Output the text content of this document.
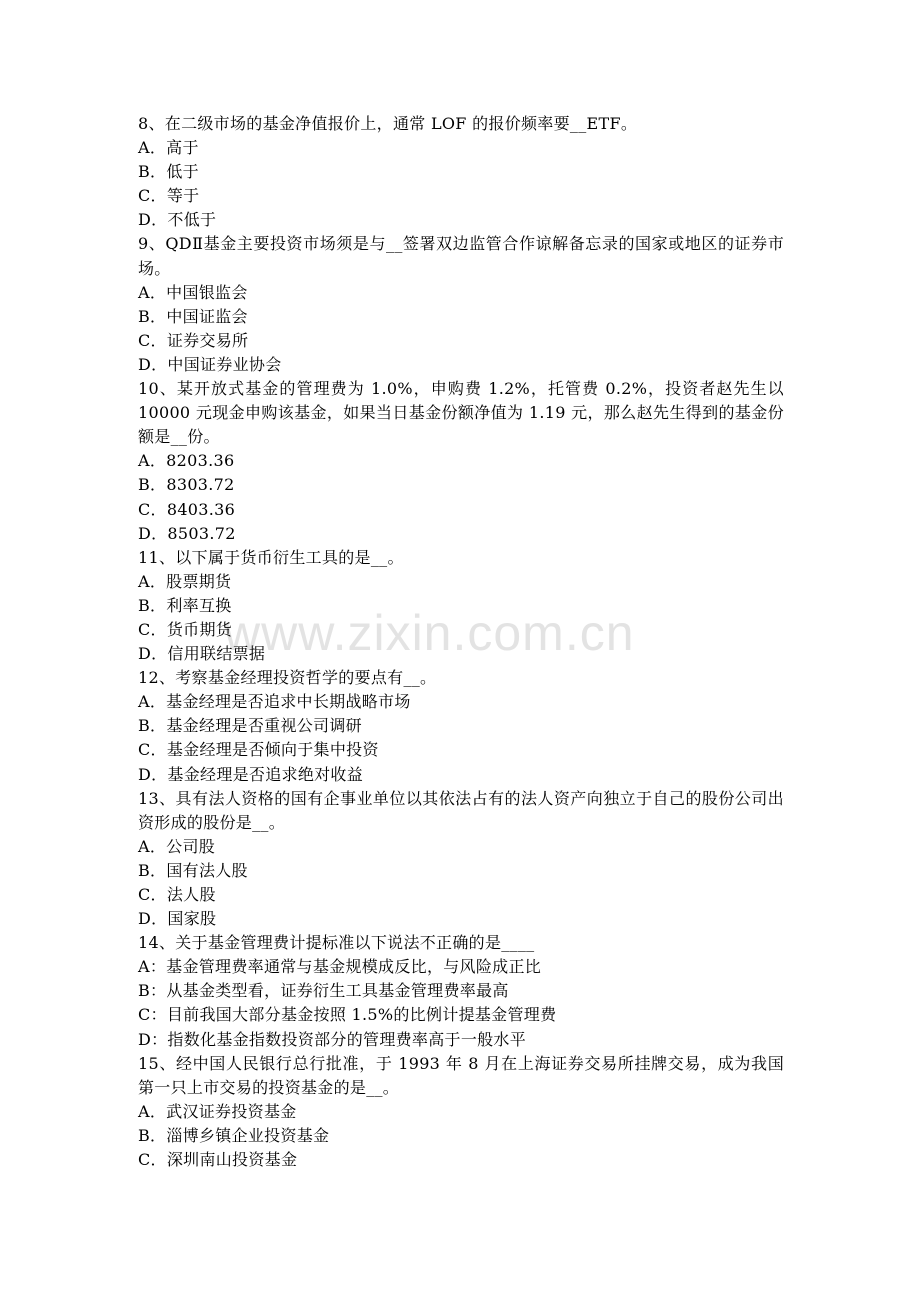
www.zixin.com.cn
8、在二级市场的基金净值报价上，通常 LOF 的报价频率要__ETF。
A．高于
B．低于
C．等于
D．不低于
9、QDⅡ基金主要投资市场须是与__签署双边监管合作谅解备忘录的国家或地区的证券市场。
A．中国银监会
B．中国证监会
C．证券交易所
D．中国证券业协会
10、某开放式基金的管理费为 1.0%，申购费 1.2%，托管费 0.2%，投资者赵先生以 10000 元现金申购该基金，如果当日基金份额净值为 1.19 元，那么赵先生得到的基金份额是__份。
A．8203.36
B．8303.72
C．8403.36
D．8503.72
11、以下属于货币衍生工具的是__。
A．股票期货
B．利率互换
C．货币期货
D．信用联结票据
12、考察基金经理投资哲学的要点有__。
A．基金经理是否追求中长期战略市场
B．基金经理是否重视公司调研
C．基金经理是否倾向于集中投资
D．基金经理是否追求绝对收益
13、具有法人资格的国有企事业单位以其依法占有的法人资产向独立于自己的股份公司出资形成的股份是__。
A．公司股
B．国有法人股
C．法人股
D．国家股
14、关于基金管理费计提标准以下说法不正确的是____
A：基金管理费率通常与基金规模成反比，与风险成正比
B：从基金类型看，证券衍生工具基金管理费率最高
C：目前我国大部分基金按照 1.5%的比例计提基金管理费
D：指数化基金指数投资部分的管理费率高于一般水平
15、经中国人民银行总行批准，于 1993 年 8 月在上海证券交易所挂牌交易，成为我国第一只上市交易的投资基金的是__。
A．武汉证券投资基金
B．淄博乡镇企业投资基金
C．深圳南山投资基金
